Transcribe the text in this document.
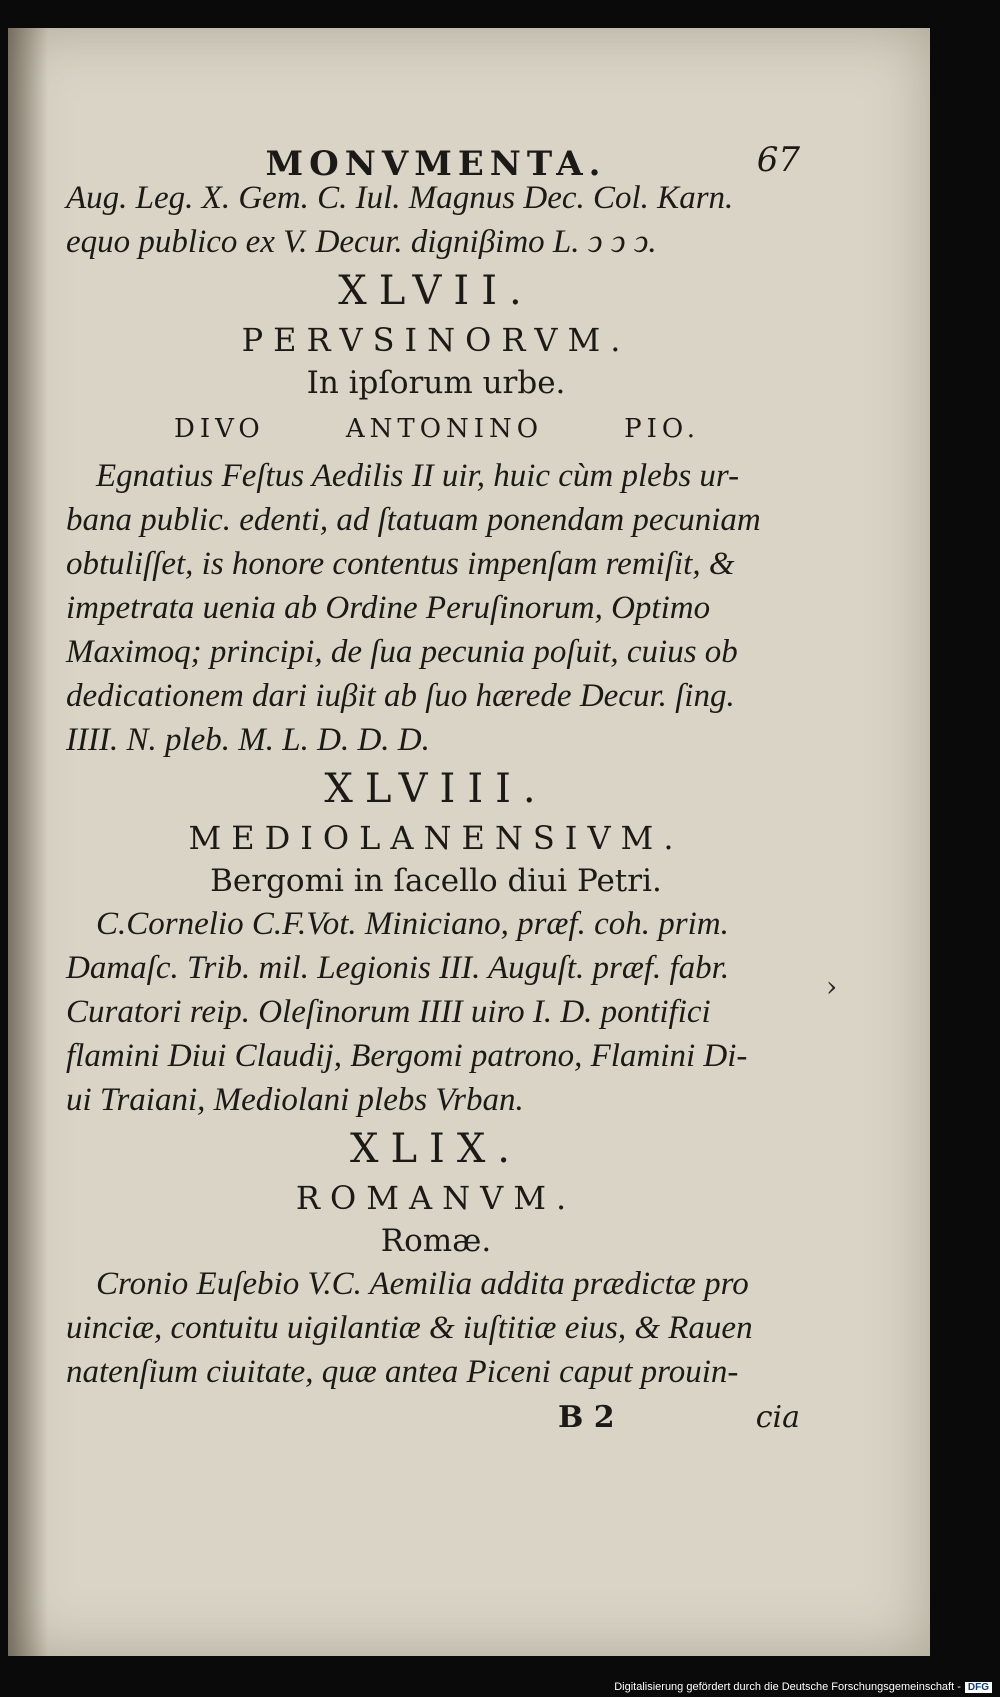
›
MONVMENTA.	67
Aug. Leg. X. Gem. C. Iul. Magnus Dec. Col. Karn.
equo publico ex V. Decur. digniβimo L. ↄ ↄ ↄ.
XLVII.
PERVSINORVM.
In ipſorum urbe.
DIVO	ANTONINO	PIO.
Egnatius Feſtus Aedilis II uir, huic cùm plebs ur-
bana public. edenti, ad ſtatuam ponendam pecuniam
obtuliſſet, is honore contentus impenſam remiſit, &
impetrata uenia ab Ordine Peruſinorum, Optimo
Maximoq; principi, de ſua pecunia poſuit, cuius ob
dedicationem dari iuβit ab ſuo hærede Decur. ſing.
IIII. N. pleb. M. L. D. D. D.
XLVIII.
MEDIOLANENSIVM.
Bergomi in ſacello diui Petri.
C.Cornelio C.F.Vot. Miniciano, præf. coh. prim.
Damaſc. Trib. mil. Legionis III. Auguſt. præf. fabr.
Curatori reip. Oleſinorum IIII uiro I. D. pontifici
flamini Diui Claudij, Bergomi patrono, Flamini Di-
ui Traiani, Mediolani plebs Vrban.
XLIX.
ROMANVM.
Romæ.
Cronio Euſebio V.C. Aemilia addita prædictæ pro
uinciæ, contuitu uigilantiæ & iuſtitiæ eius, & Rauen
natenſium ciuitate, quæ antea Piceni caput prouin-
B 2	cia
Digitalisierung gefördert durch die Deutsche Forschungsgemeinschaft - DFG
